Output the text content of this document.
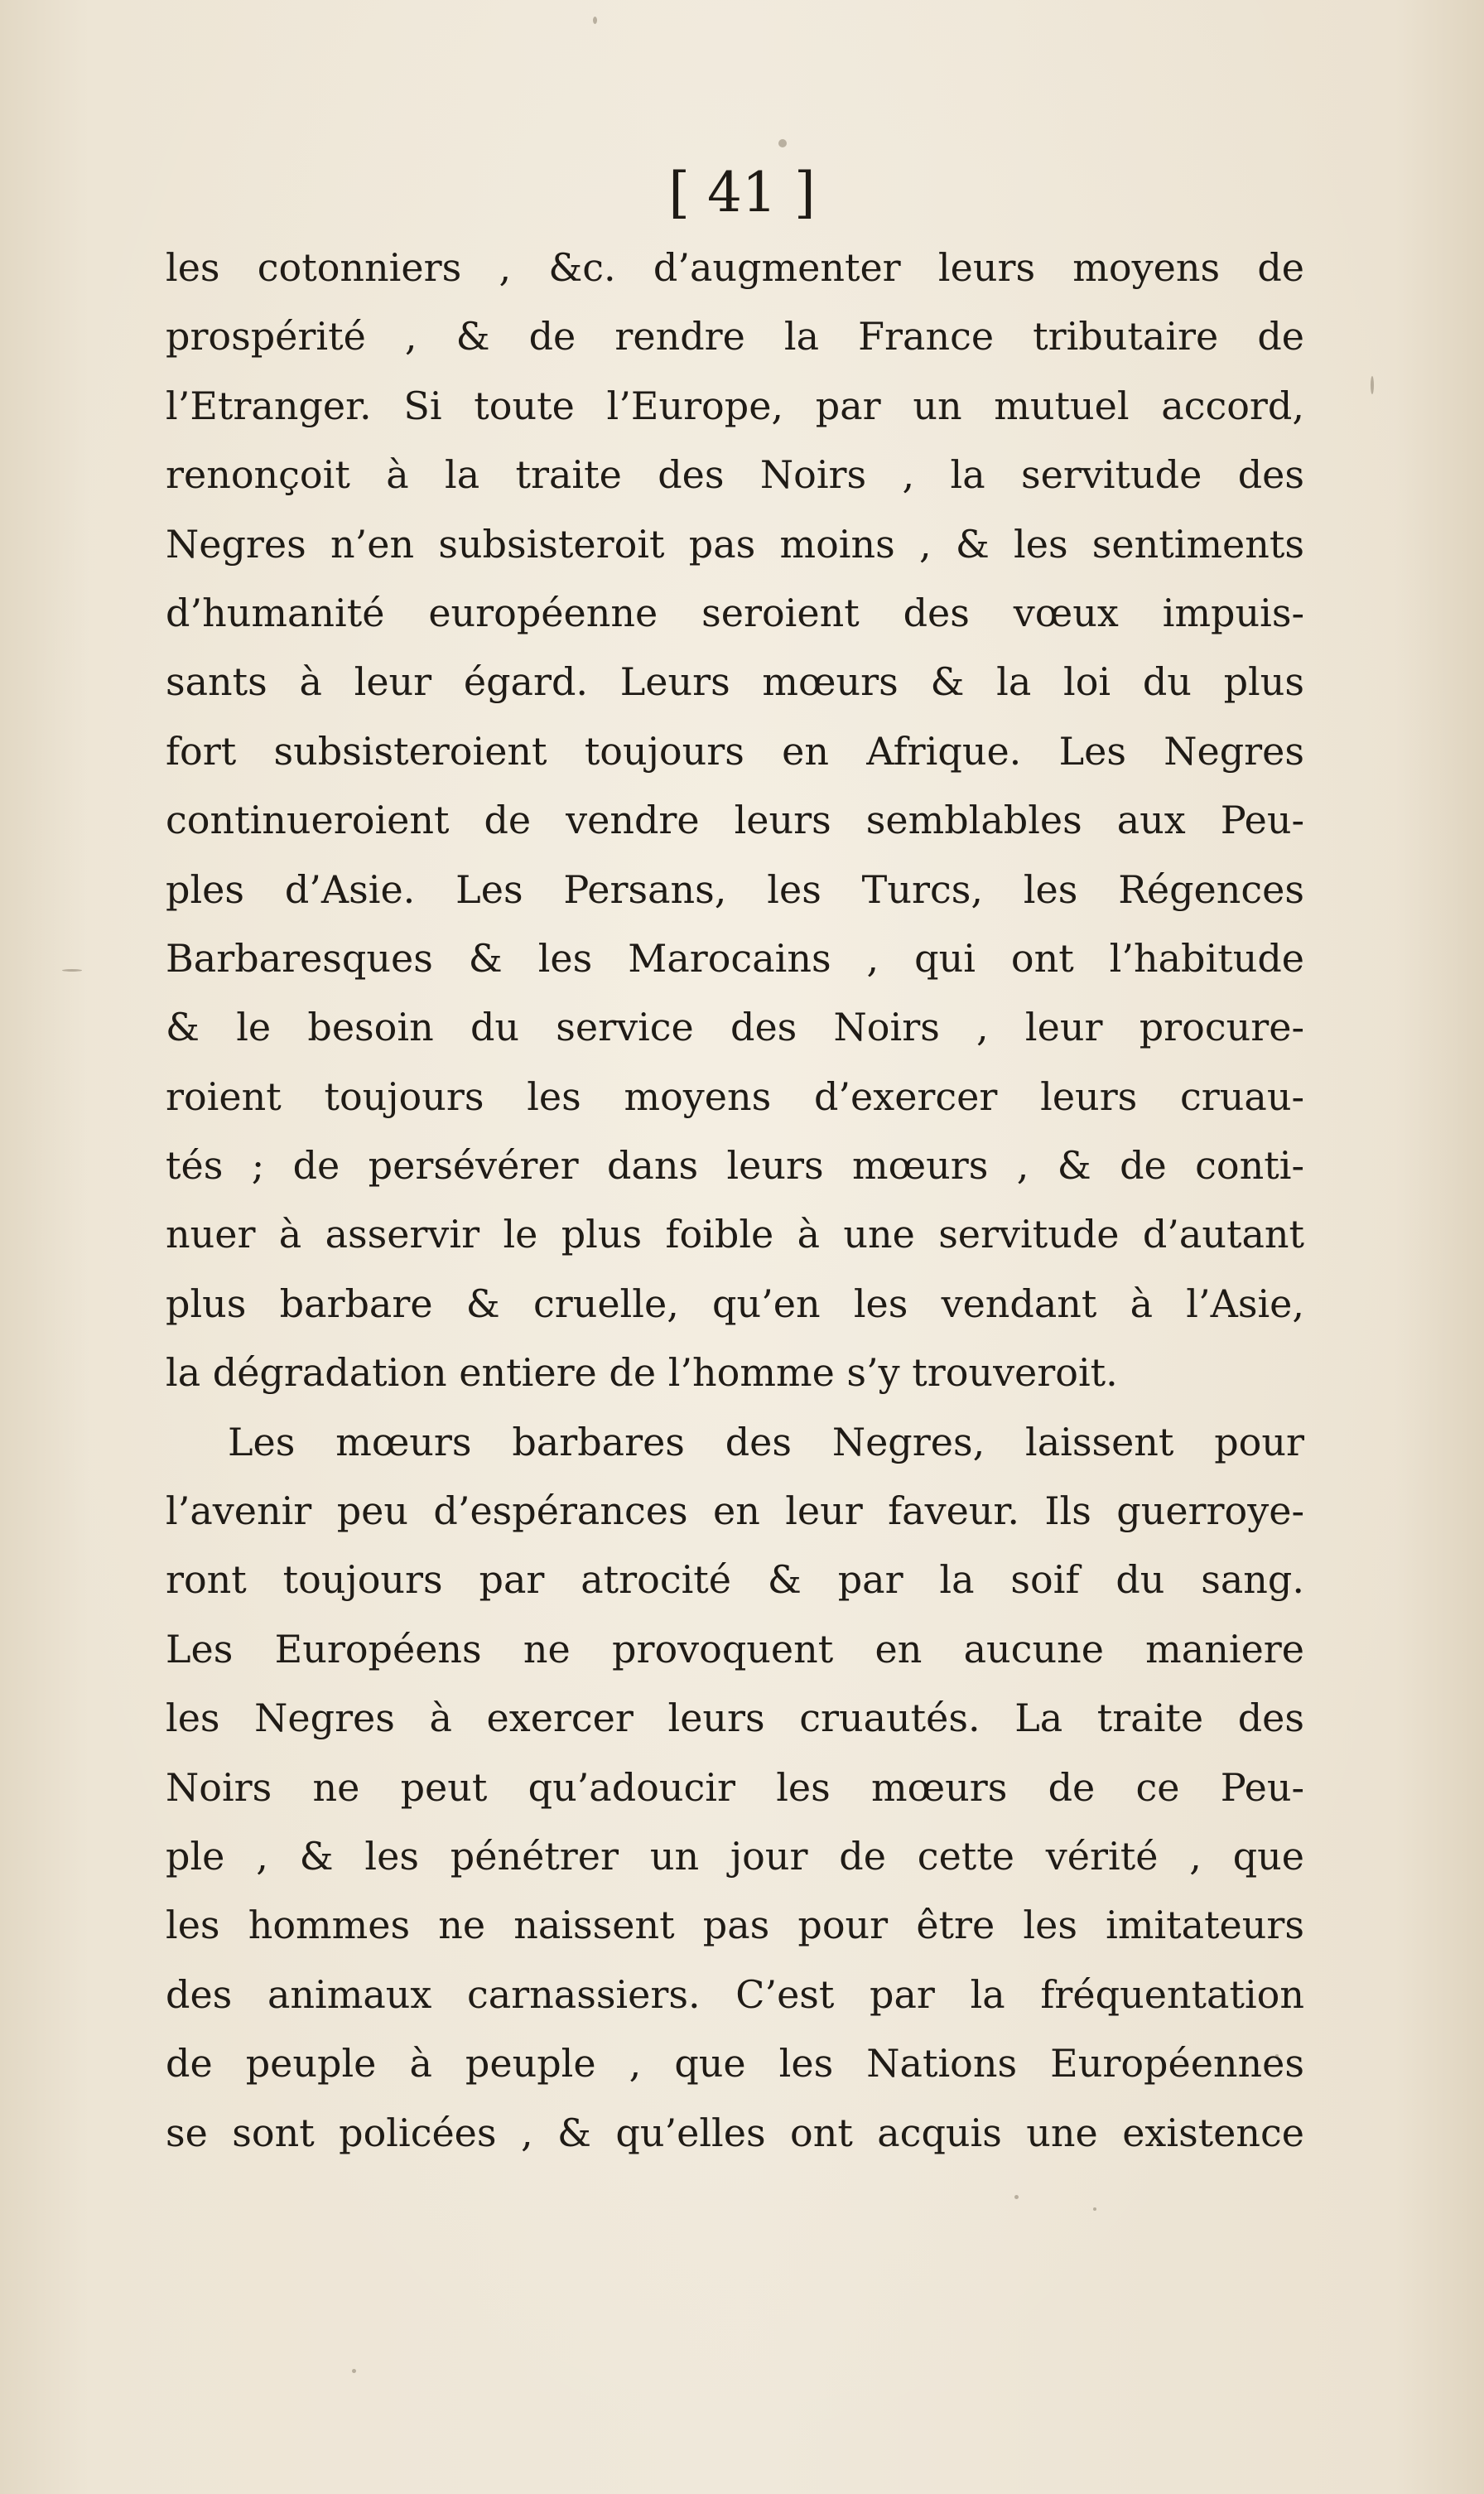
[ 41 ]
les cotonniers , &c. d’augmenter leurs moyens de
prospérité , & de rendre la France tributaire de
l’Etranger. Si toute l’Europe, par un mutuel accord,
renonçoit à la traite des Noirs , la servitude des
Negres n’en subsisteroit pas moins , & les sentiments
d’humanité européenne seroient des vœux impuis-
sants à leur égard. Leurs mœurs & la loi du plus
fort subsisteroient toujours en Afrique. Les Negres
continueroient de vendre leurs semblables aux Peu-
ples d’Asie. Les Persans, les Turcs, les Régences
Barbaresques & les Marocains , qui ont l’habitude
& le besoin du service des Noirs , leur procure-
roient toujours les moyens d’exercer leurs cruau-
tés ; de persévérer dans leurs mœurs , & de conti-
nuer à asservir le plus foible à une servitude d’autant
plus barbare & cruelle, qu’en les vendant à l’Asie,
la dégradation entiere de l’homme s’y trouveroit.
Les mœurs barbares des Negres, laissent pour
l’avenir peu d’espérances en leur faveur. Ils guerroye-
ront toujours par atrocité & par la soif du sang.
Les Européens ne provoquent en aucune maniere
les Negres à exercer leurs cruautés. La traite des
Noirs ne peut qu’adoucir les mœurs de ce Peu-
ple , & les pénétrer un jour de cette vérité , que
les hommes ne naissent pas pour être les imitateurs
des animaux carnassiers. C’est par la fréquentation
de peuple à peuple , que les Nations Européennes
se sont policées , & qu’elles ont acquis une existence
